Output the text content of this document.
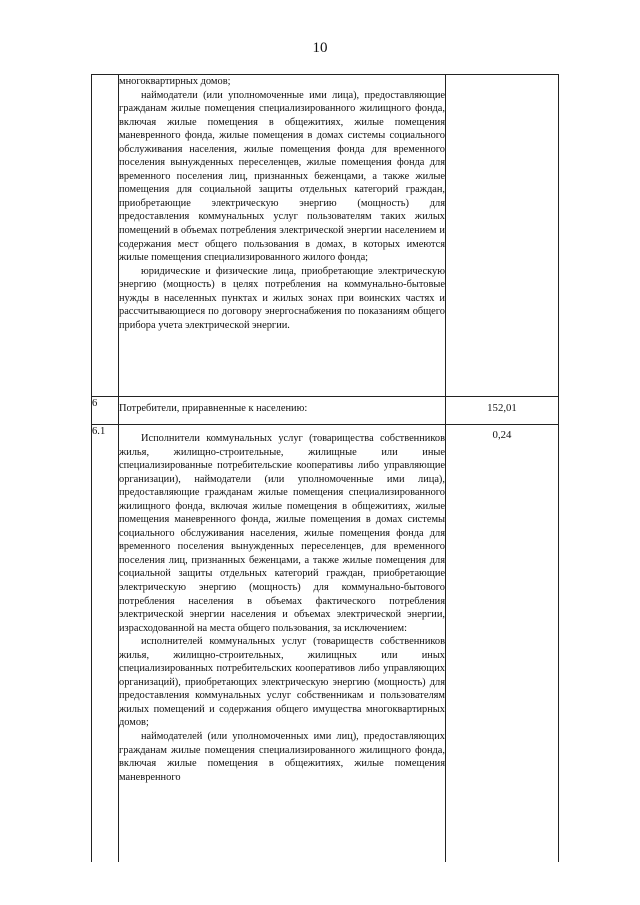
10

	многоквартирных домов;

наймодатели (или уполномоченные ими лица), предоставляющие гражданам жилые помещения специализированного жилищного фонда, включая жилые помещения в общежитиях, жилые помещения маневренного фонда, жилые помещения в домах системы социального обслуживания населения, жилые помещения фонда для временного поселения вынужденных переселенцев, жилые помещения фонда для временного поселения лиц, признанных беженцами, а также жилые помещения для социальной защиты отдельных категорий граждан, приобретающие электрическую энергию (мощность) для предоставления коммунальных услуг пользователям таких жилых помещений в объемах потребления электрической энергии населением и содержания мест общего пользования в домах, в которых имеются жилые помещения специализированного жилого фонда;

юридические и физические лица, приобретающие электрическую энергию (мощность) в целях потребления на коммунально-бытовые нужды в населенных пунктах и жилых зонах при воинских частях и рассчитывающиеся по договору энергоснабжения по показаниям общего прибора учета электрической энергии.	

6	Потребители, приравненные к населению:	152,01
6.1	Исполнители коммунальных услуг (товарищества собственников жилья, жилищно-строительные, жилищные или иные специализированные потребительские кооперативы либо управляющие организации), наймодатели (или уполномоченные ими лица), предоставляющие гражданам жилые помещения специализированного жилищного фонда, включая жилые помещения в общежитиях, жилые помещения маневренного фонда, жилые помещения в домах системы социального обслуживания населения, жилые помещения фонда для временного поселения вынужденных переселенцев, для временного поселения лиц, признанных беженцами, а также жилые помещения для социальной защиты отдельных категорий граждан, приобретающие электрическую энергию (мощность) для коммунально-бытового потребления населения в объемах фактического потребления электрической энергии населения и объемах электрической энергии, израсходованной на места общего пользования, за исключением:

исполнителей коммунальных услуг (товариществ собственников жилья, жилищно-строительных, жилищных или иных специализированных потребительских кооперативов либо управляющих организаций), приобретающих электрическую энергию (мощность) для предоставления коммунальных услуг собственникам и пользователям жилых помещений и содержания общего имущества многоквартирных домов;

наймодателей (или уполномоченных ими лиц), предоставляющих гражданам жилые помещения специализированного жилищного фонда, включая жилые помещения в общежитиях, жилые помещения маневренного	0,24
